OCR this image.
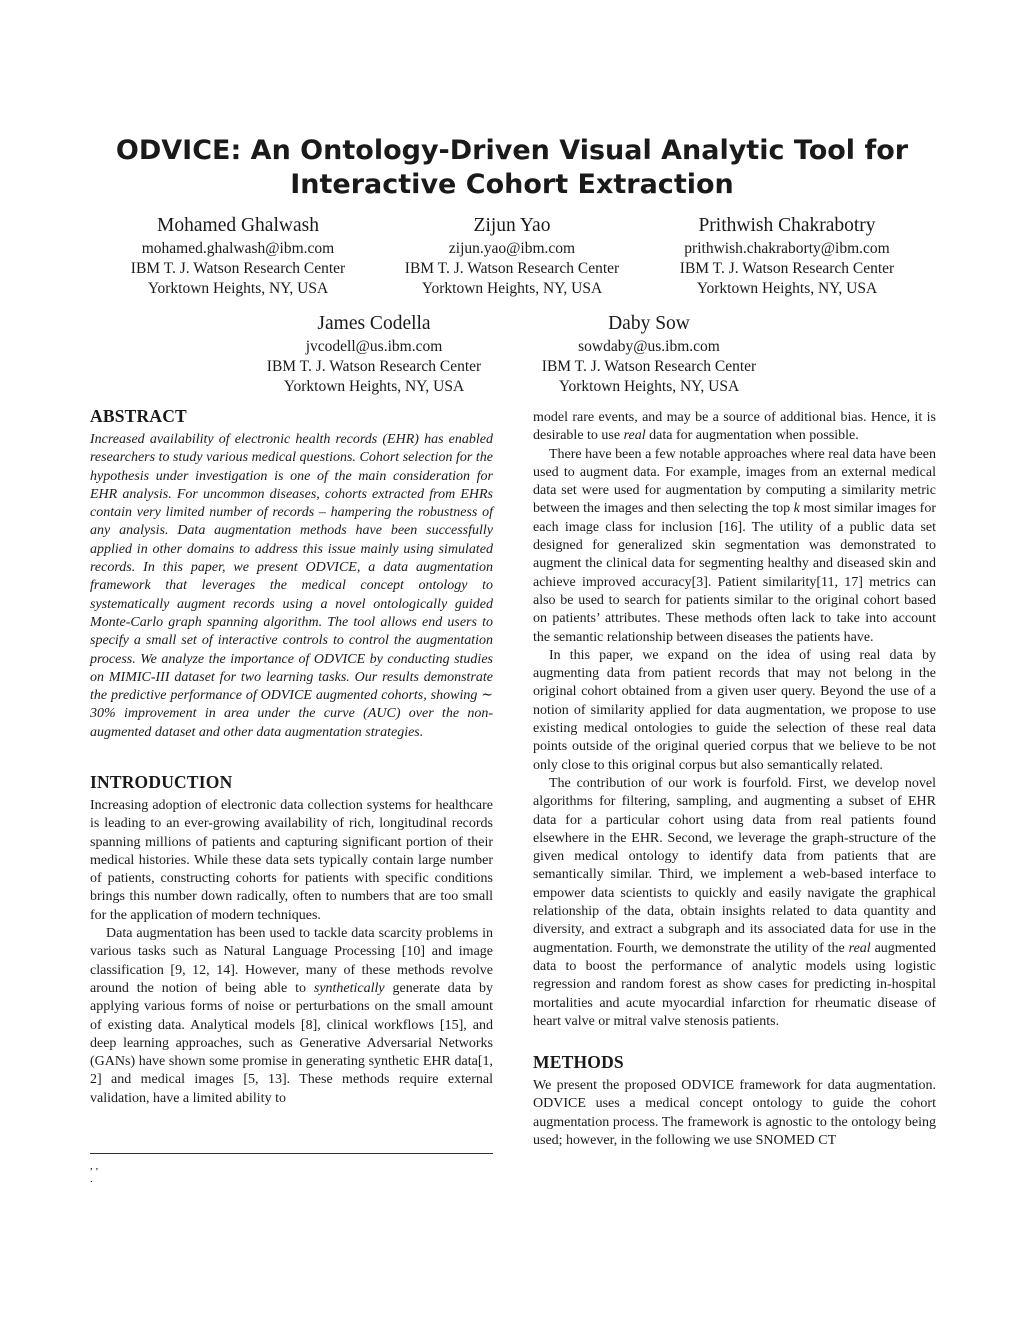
ODVICE: An Ontology-Driven Visual Analytic Tool for Interactive Cohort Extraction
Mohamed Ghalwash
mohamed.ghalwash@ibm.com
IBM T. J. Watson Research Center
Yorktown Heights, NY, USA
Zijun Yao
zijun.yao@ibm.com
IBM T. J. Watson Research Center
Yorktown Heights, NY, USA
Prithwish Chakrabotry
prithwish.chakraborty@ibm.com
IBM T. J. Watson Research Center
Yorktown Heights, NY, USA
James Codella
jvcodell@us.ibm.com
IBM T. J. Watson Research Center
Yorktown Heights, NY, USA
Daby Sow
sowdaby@us.ibm.com
IBM T. J. Watson Research Center
Yorktown Heights, NY, USA
ABSTRACT

Increased availability of electronic health records (EHR) has enabled researchers to study various medical questions. Cohort selection for the hypothesis under investigation is one of the main consideration for EHR analysis. For uncommon diseases, cohorts extracted from EHRs contain very limited number of records – hampering the robustness of any analysis. Data augmentation methods have been successfully applied in other domains to address this issue mainly using simulated records. In this paper, we present ODVICE, a data augmentation framework that leverages the medical concept ontology to systematically augment records using a novel ontologically guided Monte-Carlo graph spanning algorithm. The tool allows end users to specify a small set of interactive controls to control the augmentation process. We analyze the importance of ODVICE by conducting studies on MIMIC-III dataset for two learning tasks. Our results demonstrate the predictive performance of ODVICE augmented cohorts, showing ∼ 30% improvement in area under the curve (AUC) over the non-augmented dataset and other data augmentation strategies.

INTRODUCTION

Increasing adoption of electronic data collection systems for healthcare is leading to an ever-growing availability of rich, longitudinal records spanning millions of patients and capturing significant portion of their medical histories. While these data sets typically contain large number of patients, constructing cohorts for patients with specific conditions brings this number down radically, often to numbers that are too small for the application of modern techniques.

Data augmentation has been used to tackle data scarcity problems in various tasks such as Natural Language Processing [10] and image classification [9, 12, 14]. However, many of these methods revolve around the notion of being able to synthetically generate data by applying various forms of noise or perturbations on the small amount of existing data. Analytical models [8], clinical workflows [15], and deep learning approaches, such as Generative Adversarial Networks (GANs) have shown some promise in generating synthetic EHR data[1, 2] and medical images [5, 13]. These methods require external validation, have a limited ability to

, ,
.

model rare events, and may be a source of additional bias. Hence, it is desirable to use real data for augmentation when possible.

There have been a few notable approaches where real data have been used to augment data. For example, images from an external medical data set were used for augmentation by computing a similarity metric between the images and then selecting the top k most similar images for each image class for inclusion [16]. The utility of a public data set designed for generalized skin segmentation was demonstrated to augment the clinical data for segmenting healthy and diseased skin and achieve improved accuracy[3]. Patient similarity[11, 17] metrics can also be used to search for patients similar to the original cohort based on patients’ attributes. These methods often lack to take into account the semantic relationship between diseases the patients have.

In this paper, we expand on the idea of using real data by augmenting data from patient records that may not belong in the original cohort obtained from a given user query. Beyond the use of a notion of similarity applied for data augmentation, we propose to use existing medical ontologies to guide the selection of these real data points outside of the original queried corpus that we believe to be not only close to this original corpus but also semantically related.

The contribution of our work is fourfold. First, we develop novel algorithms for filtering, sampling, and augmenting a subset of EHR data for a particular cohort using data from real patients found elsewhere in the EHR. Second, we leverage the graph-structure of the given medical ontology to identify data from patients that are semantically similar. Third, we implement a web-based interface to empower data scientists to quickly and easily navigate the graphical relationship of the data, obtain insights related to data quantity and diversity, and extract a subgraph and its associated data for use in the augmentation. Fourth, we demonstrate the utility of the real augmented data to boost the performance of analytic models using logistic regression and random forest as show cases for predicting in-hospital mortalities and acute myocardial infarction for rheumatic disease of heart valve or mitral valve stenosis patients.

METHODS

We present the proposed ODVICE framework for data augmentation. ODVICE uses a medical concept ontology to guide the cohort augmentation process. The framework is agnostic to the ontology being used; however, in the following we use SNOMED CT
